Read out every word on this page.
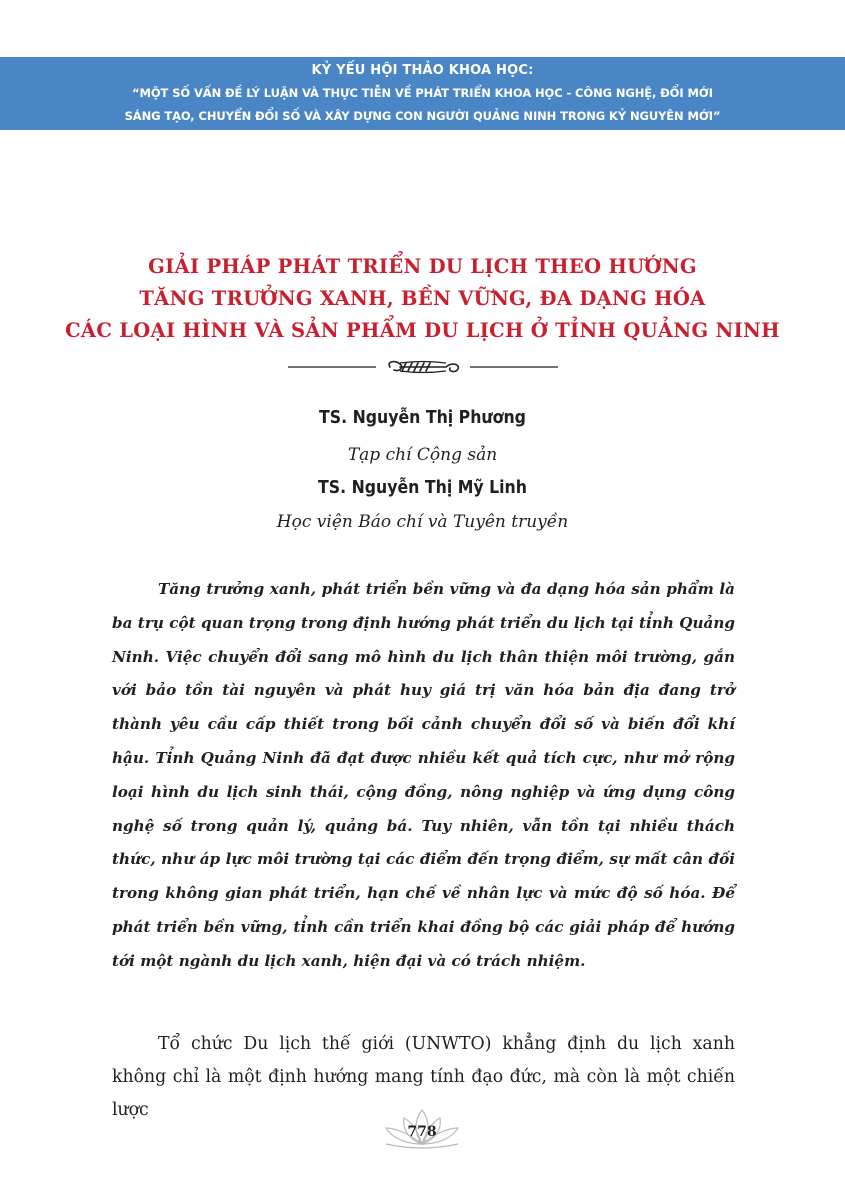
KỶ YẾU HỘI THẢO KHOA HỌC:
“MỘT SỐ VẤN ĐỀ LÝ LUẬN VÀ THỰC TIỄN VỀ PHÁT TRIỂN KHOA HỌC - CÔNG NGHỆ, ĐỔI MỚI
SÁNG TẠO, CHUYỂN ĐỔI SỐ VÀ XÂY DỰNG CON NGƯỜI QUẢNG NINH TRONG KỶ NGUYÊN MỚI”
GIẢI PHÁP PHÁT TRIỂN DU LỊCH THEO HƯỚNG
TĂNG TRƯỞNG XANH, BỀN VỮNG, ĐA DẠNG HÓA
CÁC LOẠI HÌNH VÀ SẢN PHẨM DU LỊCH Ở TỈNH QUẢNG NINH
TS. Nguyễn Thị Phương
Tạp chí Cộng sản
TS. Nguyễn Thị Mỹ Linh
Học viện Báo chí và Tuyên truyền

Tăng trưởng xanh, phát triển bền vững và đa dạng hóa sản phẩm là ba trụ cột quan trọng trong định hướng phát triển du lịch tại tỉnh Quảng Ninh. Việc chuyển đổi sang mô hình du lịch thân thiện môi trường, gắn với bảo tồn tài nguyên và phát huy giá trị văn hóa bản địa đang trở thành yêu cầu cấp thiết trong bối cảnh chuyển đổi số và biến đổi khí hậu. Tỉnh Quảng Ninh đã đạt được nhiều kết quả tích cực, như mở rộng loại hình du lịch sinh thái, cộng đồng, nông nghiệp và ứng dụng công nghệ số trong quản lý, quảng bá. Tuy nhiên, vẫn tồn tại nhiều thách thức, như áp lực môi trường tại các điểm đến trọng điểm, sự mất cân đối trong không gian phát triển, hạn chế về nhân lực và mức độ số hóa. Để phát triển bền vững, tỉnh cần triển khai đồng bộ các giải pháp để hướng tới một ngành du lịch xanh, hiện đại và có trách nhiệm.

Tổ chức Du lịch thế giới (UNWTO) khẳng định du lịch xanh không chỉ là một định hướng mang tính đạo đức, mà còn là một chiến lược

778
